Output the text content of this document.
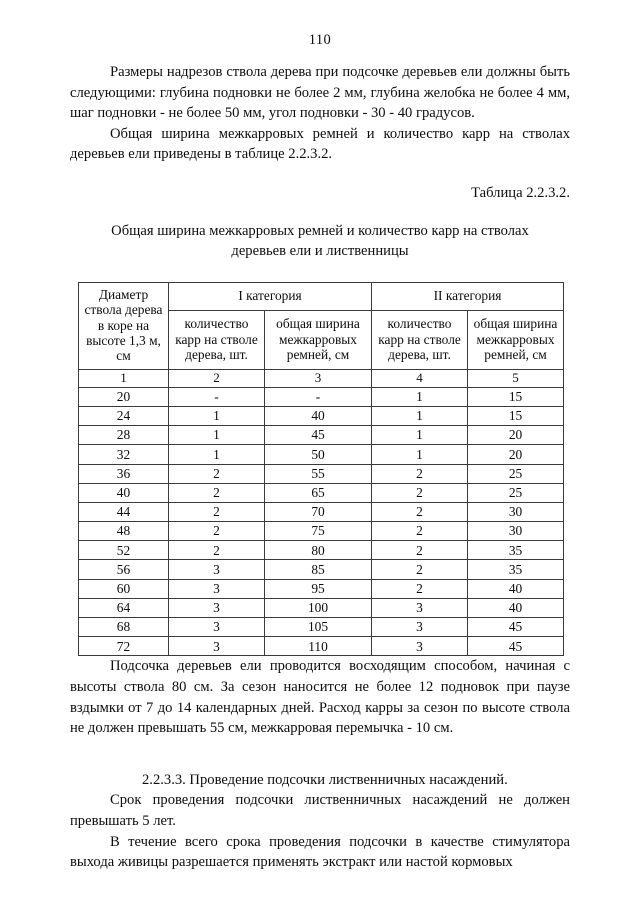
110

Размеры надрезов ствола дерева при подсочке деревьев ели должны быть следующими: глубина подновки не более 2 мм, глубина желобка не более 4 мм, шаг подновки - не более 50 мм, угол подновки - 30 - 40 градусов.

Общая ширина межкарровых ремней и количество карр на стволах деревьев ели приведены в таблице 2.2.3.2.

Таблица 2.2.3.2.

Общая ширина межкарровых ремней и количество карр на стволах деревьев ели и лиственницы

Диаметр ствола дерева в коре на высоте 1,3 м, см	I категория		II категория	
	количество карр на стволе дерева, шт.	общая ширина межкарровых ремней, см	количество карр на стволе дерева, шт.	общая ширина межкарровых ремней, см
1	2	3	4	5
20	-	-	1	15
24	1	40	1	15
28	1	45	1	20
32	1	50	1	20
36	2	55	2	25
40	2	65	2	25
44	2	70	2	30
48	2	75	2	30
52	2	80	2	35
56	3	85	2	35
60	3	95	2	40
64	3	100	3	40
68	3	105	3	45
72	3	110	3	45

Подсочка деревьев ели проводится восходящим способом, начиная с высоты ствола 80 см. За сезон наносится не более 12 подновок при паузе вздымки от 7 до 14 календарных дней. Расход карры за сезон по высоте ствола не должен превышать 55 см, межкарровая перемычка - 10 см.

2.2.3.3. Проведение подсочки лиственничных насаждений.

Срок проведения подсочки лиственничных насаждений не должен превышать 5 лет.

В течение всего срока проведения подсочки в качестве стимулятора выхода живицы разрешается применять экстракт или настой кормовых
